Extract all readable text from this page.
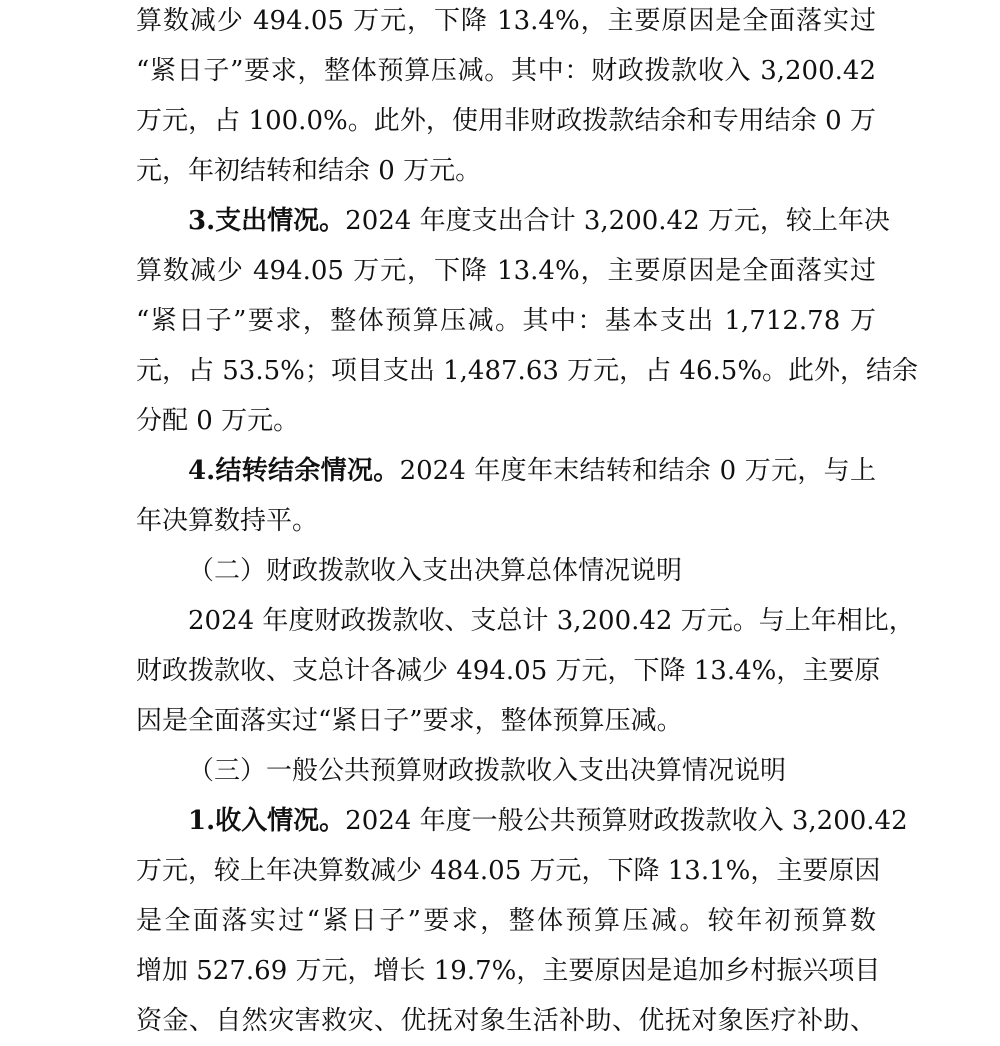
算数减少 494.05 万元，下降 13.4%，主要原因是全面落实过
“紧日子”要求，整体预算压减。其中：财政拨款收入 3,200.42
万元，占 100.0%。此外，使用非财政拨款结余和专用结余 0 万
元，年初结转和结余 0 万元。
3.支出情况。2024 年度支出合计 3,200.42 万元，较上年决
算数减少 494.05 万元，下降 13.4%，主要原因是全面落实过
“紧日子”要求，整体预算压减。其中：基本支出 1,712.78 万
元，占 53.5%；项目支出 1,487.63 万元，占 46.5%。此外，结余
分配 0 万元。
4.结转结余情况。2024 年度年末结转和结余 0 万元，与上
年决算数持平。
（二）财政拨款收入支出决算总体情况说明
2024 年度财政拨款收、支总计 3,200.42 万元。与上年相比，
财政拨款收、支总计各减少 494.05 万元，下降 13.4%，主要原
因是全面落实过“紧日子”要求，整体预算压减。
（三）一般公共预算财政拨款收入支出决算情况说明
1.收入情况。2024 年度一般公共预算财政拨款收入 3,200.42
万元，较上年决算数减少 484.05 万元，下降 13.1%，主要原因
是全面落实过“紧日子”要求，整体预算压减。较年初预算数
增加 527.69 万元，增长 19.7%，主要原因是追加乡村振兴项目
资金、自然灾害救灾、优抚对象生活补助、优抚对象医疗补助、
